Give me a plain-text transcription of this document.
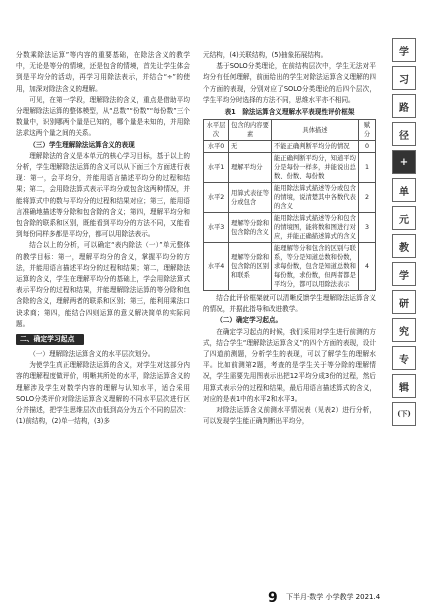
分数乘除法运算”等内容的重要基础，在除法含义的教学中，无论是等分的情境，还是包含的情境，首先让学生体会到是平均分的活动，再学习用除法表示，并结合“÷”的使用，加深对除法含义的理解。

可见，在第一学段，理解除法的含义，重点是借助平均分理解除法运算的整体模型，从“总数”“份数”“每份数”三个数量中，识别哪两个量是已知的，哪个量是未知的，并用除法求这两个量之间的关系。

（三）学生理解除法运算含义的表现

理解除法的含义是本单元的核心学习目标，基于以上的分析，学生理解除法运算的含义可以从下面三个方面进行表现：第一，会平均分，并能用语言描述平均分的过程和结果；第二，会用除法算式表示平均分或包含这两种情况，并能将算式中的数与平均分的过程和结果对应；第三，能用语言准确地描述等分除和包含除的含义；第四，理解平均分和包含除的联系和区别，既能看到平均分的方法不同，又能看到每份同样多都是平均分，都可以用除法表示。

结合以上的分析，可以确定“表内除法（一）”单元整体的教学目标：第一，理解平均分的含义，掌握平均分的方法，并能用语言描述平均分的过程和结果；第二，理解除法运算的含义，学生在理解平均分的基础上，学会用除法算式表示平均分的过程和结果，并能理解除法运算的等分除和包含除的含义，理解两者的联系和区别；第三，能利用乘法口诀求商；第四，能结合四则运算的意义解决简单的实际问题。

二、确定学习起点

（一）理解除法运算含义的水平层次划分。

为使学生真正理解除法运算的含义，对学生对这部分内容的理解程度做评价，明晰其所处的水平，除法运算含义的理解涉及学生对数学内容的理解与认知水平，适合采用SOLO分类评价对除法运算含义理解的不同水平层次进行区分并描述，把学生思维层次由低到高分为五个不同的层次：(1)前结构，(2)单一结构，(3)多

元结构，(4)关联结构，(5)抽象拓展结构。

基于SOLO分类理论，在前结构层次中，学生无法对平均分有任何理解，前面给出的学生对除法运算含义理解的四个方面的表现，分别对应了SOLO分类理论的后四个层次，学生平均分时选择的方法不同，思维水平亦不相同。

表1　除法运算含义理解水平表现性评价框架
水平层次	包含的内容要素	具体描述	赋分
水平0	无	不能正确判断平均分的情况	0
水平1	理解平均分	能正确判断平均分，知道平均分是每份一样多，并能说出总数、份数、每份数	1
水平2	用算式表征等分或包含	能用除法算式描述等分或包含的情境，说清楚其中各数代表的含义	2
水平3	理解等分除和包含除的含义	能用除法算式描述等分和包含的情境图，能将数和图进行对应，并能正确描述算式的含义	3
水平4	理解等分除和包含除的区别和联系	能理解等分和包含的区别与联系，等分是知道总数和份数，求每份数，包含是知道总数和每份数，求份数，但两者都是平均分，都可以用除法表示	4

结合此评价框架就可以清晰反馈学生理解除法运算含义的情况，并据此指导和改进教学。

（二）确定学习起点。

在确定学习起点的时候，我们采用对学生进行前测的方式，结合学生“理解除法运算含义”的四个方面的表现，设计了四道前测题，分析学生的表现，可以了解学生的理解水平。比如前测第2题，考查的是学生关于等分除的理解情况，学生需要先用图表示出把12平均分成3份的过程，然后用算式表示分的过程和结果，最后用语言描述算式的含义，对应的是表1中的水平2和水平3。

对除法运算含义前测水平情况表（见表2）进行分析，可以发现学生能正确判断出平均分，

学
习
路
径
+
单
元
教
学
研
究
专
辑
(下)
9 下半月·数学 小学教学 2021.4
